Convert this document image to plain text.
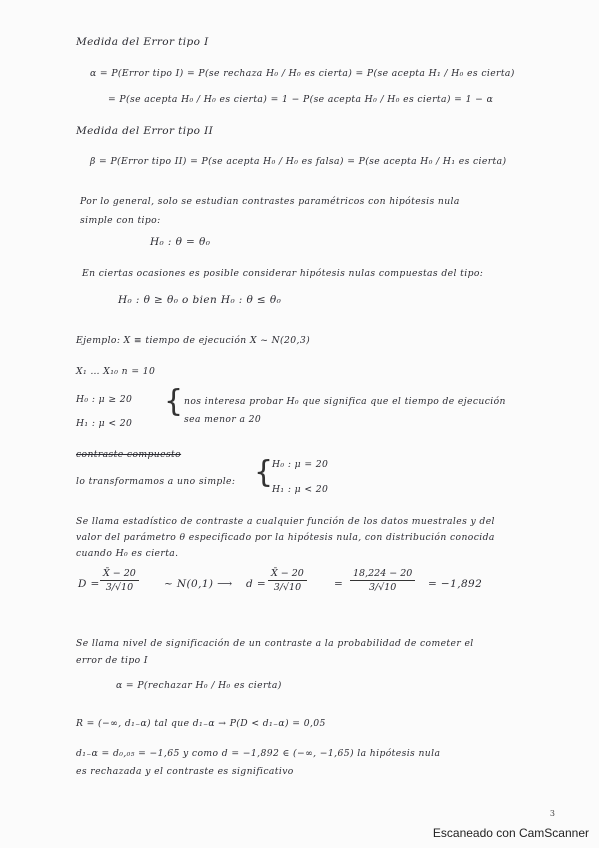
Medida del Error tipo I
α = P(Error tipo I) = P(se rechaza H₀ / H₀ es cierta) = P(se acepta H₁ / H₀ es cierta)
= P(se acepta H₀ / H₀ es cierta) = 1 − P(se acepta H₀ / H₀ es cierta) = 1 − α
Medida del Error tipo II
β = P(Error tipo II) = P(se acepta H₀ / H₀ es falsa) = P(se acepta H₀ / H₁ es cierta)
Por lo general, solo se estudian contrastes paramétricos con hipótesis nula
simple con tipo:
H₀ : θ = θ₀
En ciertas ocasiones es posible considerar hipótesis nulas compuestas del tipo:
H₀ : θ ≥ θ₀ o bien H₀ : θ ≤ θ₀
Ejemplo: X ≡ tiempo de ejecución X ~ N(20,3)
X₁ … X₁₀ n = 10
H₀ : μ ≥ 20
H₁ : μ < 20
{ nos interesa probar H₀ que significa que el tiempo de ejecución
sea menor a 20
contraste compuesto
lo transformamos a uno simple: {
H₀ : μ = 20
H₁ : μ < 20
Se llama estadístico de contraste a cualquier función de los datos muestrales y del
valor del parámetro θ especificado por la hipótesis nula, con distribución conocida
cuando H₀ es cierta.
$D = \frac{X̄ - 20}{3/√10}$ ~ N(0,1) ⟶ $d = \frac{X̄ - 20}{3/√10}$	= $\frac{18,224 - 20}{3/√10} = -1,892$
Se llama nivel de significación de un contraste a la probabilidad de cometer el
error de tipo I
α = P(rechazar H₀ / H₀ es cierta)
R = (−∞, d₁₋α) tal que d₁₋α → P(D < d₁₋α) = 0,05
d₁₋α = d₀,₀₅ = −1,65 y como d = −1,892 ∈ (−∞, −1,65) la hipótesis nula
es rechazada y el contraste es significativo
3
Escaneado con CamScanner
